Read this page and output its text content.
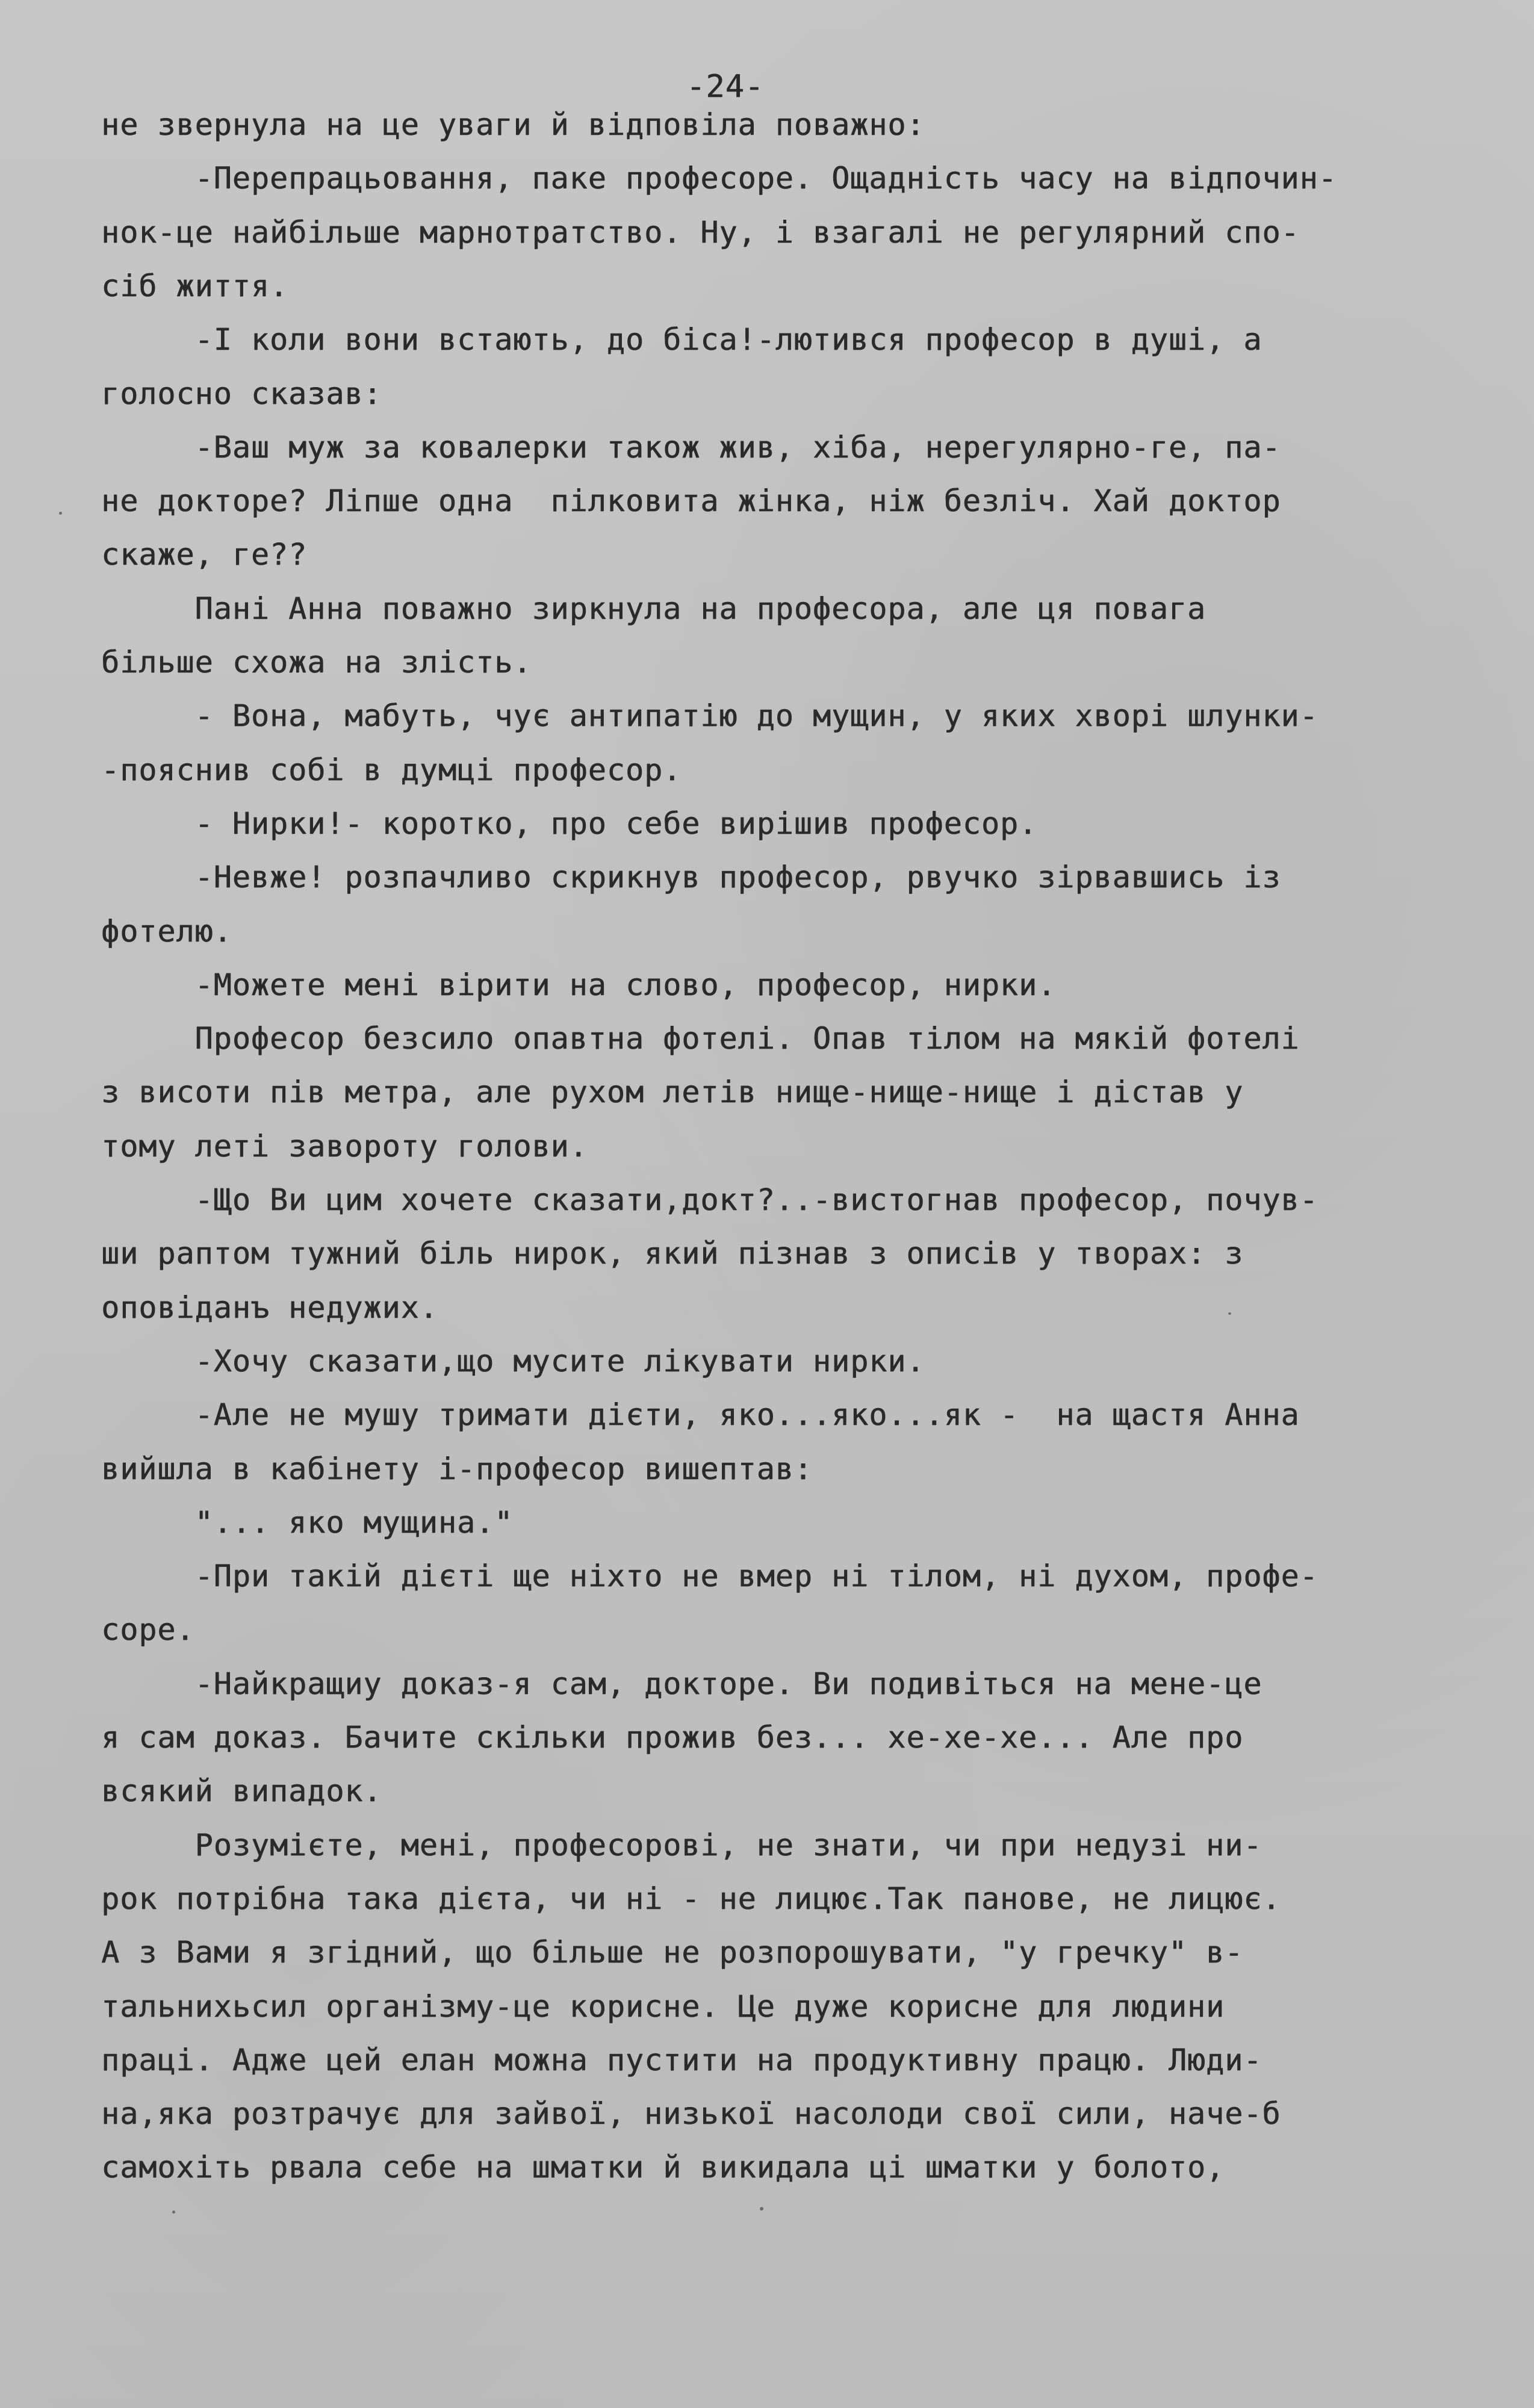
-24-
не звернула на це уваги й відповіла поважно:
-Перепрацьовання, паке професоре. Ощадність часу на відпочин-
нок-це найбільше марнотратство. Ну, і взагалі не регулярний спо-
сіб життя.
-І коли вони встають, до біса!-лютився професор в душі, а
голосно сказав:
-Ваш муж за ковалерки також жив, хіба, нерегулярно-ге, па-
не докторе? Ліпше одна  пілковита жінка, ніж безліч. Хай доктор
скаже, ге??
Пані Анна поважно зиркнула на професора, але ця повага
більше схожа на злість.
- Вона, мабуть, чує антипатію до мущин, у яких хворі шлунки-
-пояснив собі в думці професор.
- Нирки!- коротко, про себе вирішив професор.
-Невже! розпачливо скрикнув професор, рвучко зірвавшись із
фотелю.
-Можете мені вірити на слово, професор, нирки.
Професор безсило опавтна фотелі. Опав тілом на мякій фотелі
з висоти пів метра, але рухом летів нище-нище-нище і дістав у
тому леті завороту голови.
-Що Ви цим хочете сказати,докт?..-вистогнав професор, почув-
ши раптом тужний біль нирок, який пізнав з описів у творах: з
оповіданъ недужих.
-Хочу сказати,що мусите лікувати нирки.
-Але не мушу тримати дієти, яко...яко...як -  на щастя Анна
вийшла в кабінету і-професор вишептав:
"... яко мущина."
-При такій дієті ще ніхто не вмер ні тілом, ні духом, профе-
соре.
-Найкращиу доказ-я сам, докторе. Ви подивіться на мене-це
я сам доказ. Бачите скільки прожив без... хе-хе-хе... Але про
всякий випадок.
Розумієте, мені, професорові, не знати, чи при недузі ни-
рок потрібна така дієта, чи ні - не лицює.Так панове, не лицює.
А з Вами я згідний, що більше не розпорошувати, "у гречку" в-
тальнихьсил організму-це корисне. Це дуже корисне для людини
праці. Адже цей елан можна пустити на продуктивну працю. Люди-
на,яка розтрачує для зайвої, низької насолоди свої сили, наче-б
самохіть рвала себе на шматки й викидала ці шматки у болото,
